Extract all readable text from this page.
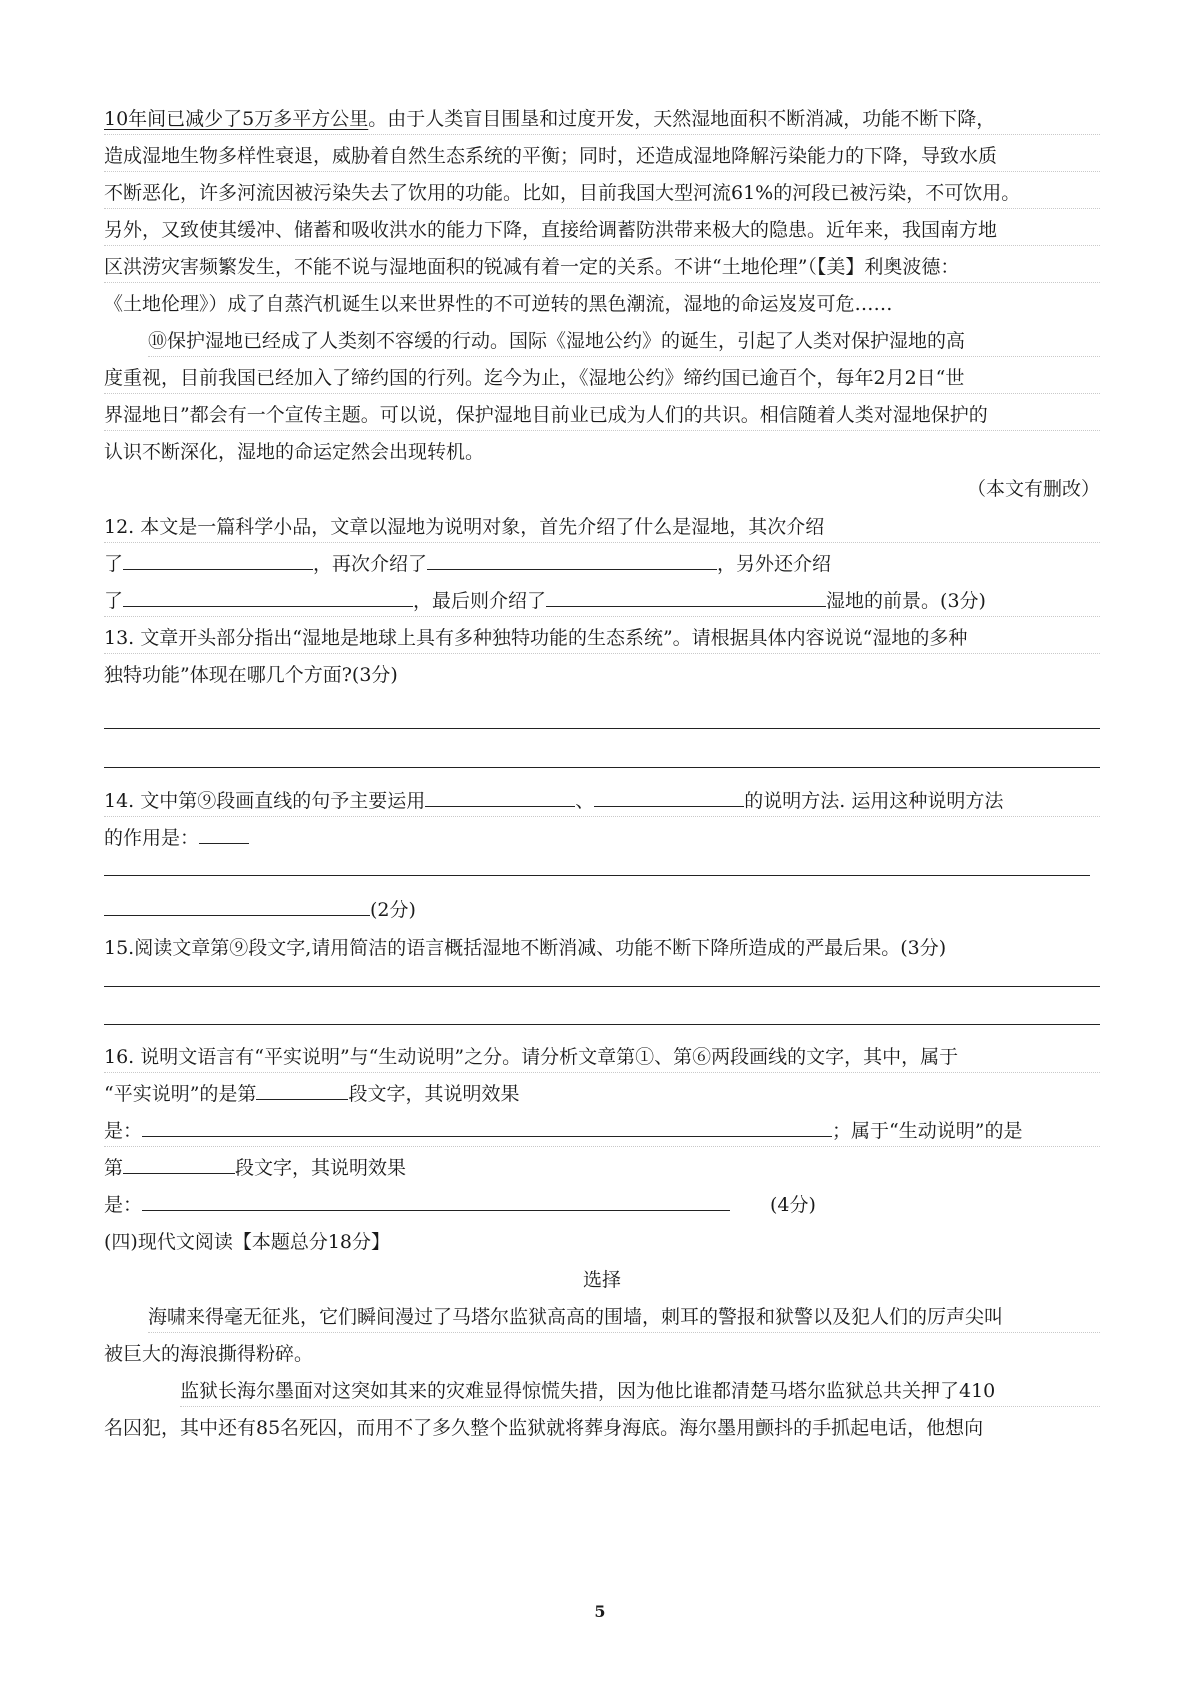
10年间已减少了5万多平方公里。由于人类盲目围垦和过度开发，天然湿地面积不断消减，功能不断下降，
造成湿地生物多样性衰退，威胁着自然生态系统的平衡；同时，还造成湿地降解污染能力的下降，导致水质
不断恶化，许多河流因被污染失去了饮用的功能。比如，目前我国大型河流61%的河段已被污染，不可饮用。
另外，又致使其缓冲、储蓄和吸收洪水的能力下降，直接给调蓄防洪带来极大的隐患。近年来，我国南方地
区洪涝灾害频繁发生，不能不说与湿地面积的锐减有着一定的关系。不讲“土地伦理”（【美】利奥波德：
《土地伦理》）成了自蒸汽机诞生以来世界性的不可逆转的黑色潮流，湿地的命运岌岌可危……
⑩保护湿地已经成了人类刻不容缓的行动。国际《湿地公约》的诞生，引起了人类对保护湿地的高
度重视，目前我国已经加入了缔约国的行列。迄今为止，《湿地公约》缔约国已逾百个，每年2月2日“世
界湿地日”都会有一个宣传主题。可以说，保护湿地目前业已成为人们的共识。相信随着人类对湿地保护的
认识不断深化，湿地的命运定然会出现转机。
（本文有删改）
12. 本文是一篇科学小品，文章以湿地为说明对象，首先介绍了什么是湿地，其次介绍
了	，再次介绍了	，另外还介绍
了	，最后则介绍了	湿地的前景。(3分)
13. 文章开头部分指出“湿地是地球上具有多种独特功能的生态系统”。请根据具体内容说说“湿地的多种
独特功能”体现在哪几个方面?(3分)
14. 文中第⑨段画直线的句予主要运用	、	的说明方法. 运用这种说明方法
的作用是：
(2分)
15.阅读文章第⑨段文字,请用简洁的语言概括湿地不断消减、功能不断下降所造成的严最后果。(3分)
16. 说明文语言有“平实说明”与“生动说明”之分。请分析文章第①、第⑥两段画线的文字，其中，属于
“平实说明”的是第	段文字，其说明效果
是：	；属于“生动说明”的是
第	段文字，其说明效果
是：	(4分)
(四)现代文阅读【本题总分18分】
选择
海啸来得毫无征兆，它们瞬间漫过了马塔尔监狱高高的围墙，刺耳的警报和狱警以及犯人们的厉声尖叫
被巨大的海浪撕得粉碎。
监狱长海尔墨面对这突如其来的灾难显得惊慌失措，因为他比谁都清楚马塔尔监狱总共关押了410
名囚犯，其中还有85名死囚，而用不了多久整个监狱就将葬身海底。海尔墨用颤抖的手抓起电话，他想向
5
